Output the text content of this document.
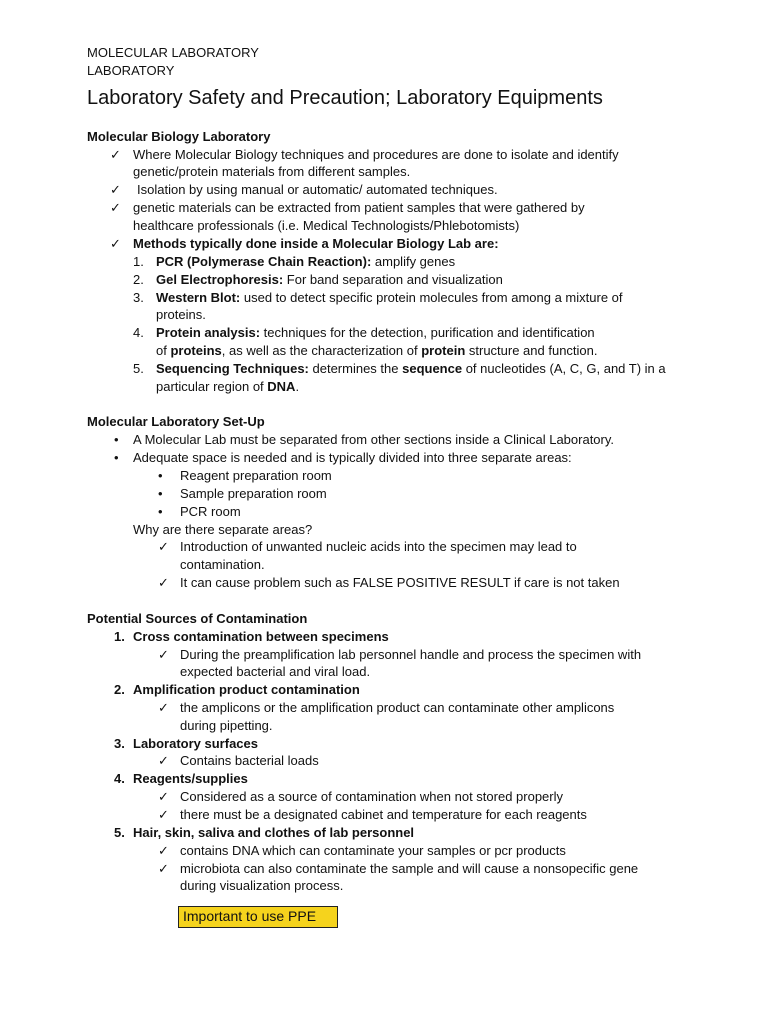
MOLECULAR LABORATORY
LABORATORY
Laboratory Safety and Precaution; Laboratory Equipments
Molecular Biology Laboratory
✓ Where Molecular Biology techniques and procedures are done to isolate and identify
genetic/protein materials from different samples.
✓ Isolation by using manual or automatic/ automated techniques.
✓ genetic materials can be extracted from patient samples that were gathered by
healthcare professionals (i.e. Medical Technologists/Phlebotomists)
✓ Methods typically done inside a Molecular Biology Lab are:
1. PCR (Polymerase Chain Reaction): amplify genes
2. Gel Electrophoresis: For band separation and visualization
3. Western Blot: used to detect specific protein molecules from among a mixture of
proteins.
4. Protein analysis: techniques for the detection, purification and identification
of proteins, as well as the characterization of protein structure and function.
5. Sequencing Techniques: determines the sequence of nucleotides (A, C, G, and T) in a
particular region of DNA.
Molecular Laboratory Set-Up
• A Molecular Lab must be separated from other sections inside a Clinical Laboratory.
• Adequate space is needed and is typically divided into three separate areas:
• Reagent preparation room
• Sample preparation room
• PCR room
Why are there separate areas?
✓ Introduction of unwanted nucleic acids into the specimen may lead to
contamination.
✓ It can cause problem such as FALSE POSITIVE RESULT if care is not taken
Potential Sources of Contamination
1. Cross contamination between specimens
✓ During the preamplification lab personnel handle and process the specimen with
expected bacterial and viral load.
2. Amplification product contamination
✓ the amplicons or the amplification product can contaminate other amplicons
during pipetting.
3. Laboratory surfaces
✓ Contains bacterial loads
4. Reagents/supplies
✓ Considered as a source of contamination when not stored properly
✓ there must be a designated cabinet and temperature for each reagents
5. Hair, skin, saliva and clothes of lab personnel
✓ contains DNA which can contaminate your samples or pcr products
✓ microbiota can also contaminate the sample and will cause a nonsopecific gene
during visualization process.
Important to use PPE
